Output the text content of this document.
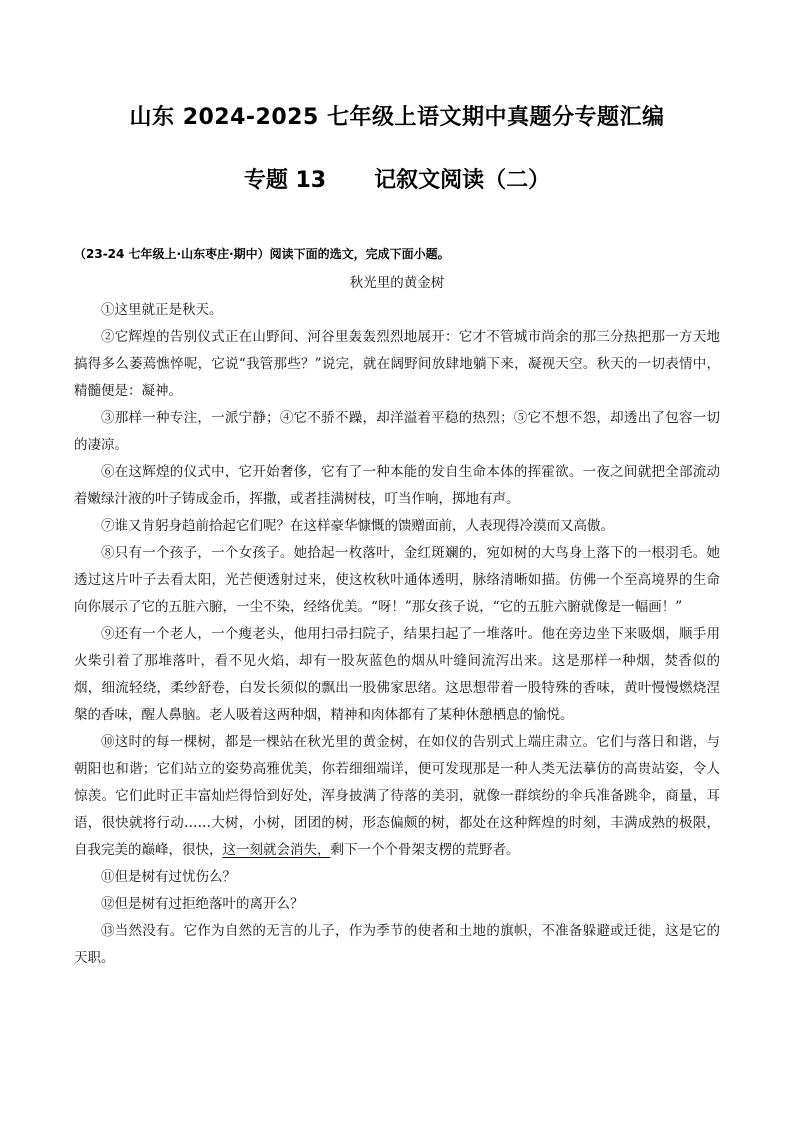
山东 2024-2025 七年级上语文期中真题分专题汇编
专题 13 记叙文阅读（二）
（23-24 七年级上·山东枣庄·期中）阅读下面的选文，完成下面小题。
秋光里的黄金树

①这里就正是秋天。

②它辉煌的告别仪式正在山野间、河谷里轰轰烈烈地展开：它才不管城市尚余的那三分热把那一方天地搞得多么萎蔫憔悴呢，它说“我管那些？”说完，就在阔野间放肆地躺下来，凝视天空。秋天的一切表情中，精髓便是：凝神。

③那样一种专注，一派宁静；④它不骄不躁，却洋溢着平稳的热烈；⑤它不想不怨，却透出了包容一切的凄凉。

⑥在这辉煌的仪式中，它开始奢侈，它有了一种本能的发自生命本体的挥霍欲。一夜之间就把全部流动着嫩绿汁液的叶子铸成金币，挥撒，或者挂满树枝，叮当作响，掷地有声。

⑦谁又肯躬身趋前拾起它们呢？在这样豪华慷慨的馈赠面前，人表现得冷漠而又高傲。

⑧只有一个孩子，一个女孩子。她拾起一枚落叶，金红斑斓的，宛如树的大鸟身上落下的一根羽毛。她透过这片叶子去看太阳，光芒便透射过来，使这枚秋叶通体透明，脉络清晰如描。仿佛一个至高境界的生命向你展示了它的五脏六腑，一尘不染，经络优美。“呀！”那女孩子说，“它的五脏六腑就像是一幅画！”

⑨还有一个老人，一个瘦老头，他用扫帚扫院子，结果扫起了一堆落叶。他在旁边坐下来吸烟，顺手用火柴引着了那堆落叶，看不见火焰，却有一股灰蓝色的烟从叶缝间流泻出来。这是那样一种烟，焚香似的烟，细流轻绕，柔纱舒卷，白发长须似的飘出一股佛家思绪。这思想带着一股特殊的香味，黄叶慢慢燃烧涅槃的香味，醒人鼻脑。老人吸着这两种烟，精神和肉体都有了某种休憩栖息的愉悦。

⑩这时的每一棵树，都是一棵站在秋光里的黄金树，在如仪的告别式上端庄肃立。它们与落日和谐，与朝阳也和谐；它们站立的姿势高雅优美，你若细细端详，便可发现那是一种人类无法摹仿的高贵站姿，令人惊羡。它们此时正丰富灿烂得恰到好处，浑身披满了待落的美羽，就像一群缤纷的伞兵准备跳伞，商量，耳语，很快就将行动……大树，小树，团团的树，形态偏颇的树，都处在这种辉煌的时刻，丰满成熟的极限，自我完美的巅峰，很快，这一刻就会消失，剩下一个个骨架支楞的荒野者。

⑪但是树有过忧伤么？

⑫但是树有过拒绝落叶的离开么？

⑬当然没有。它作为自然的无言的儿子，作为季节的使者和土地的旗帜，不准备躲避或迁徙，这是它的天职。
